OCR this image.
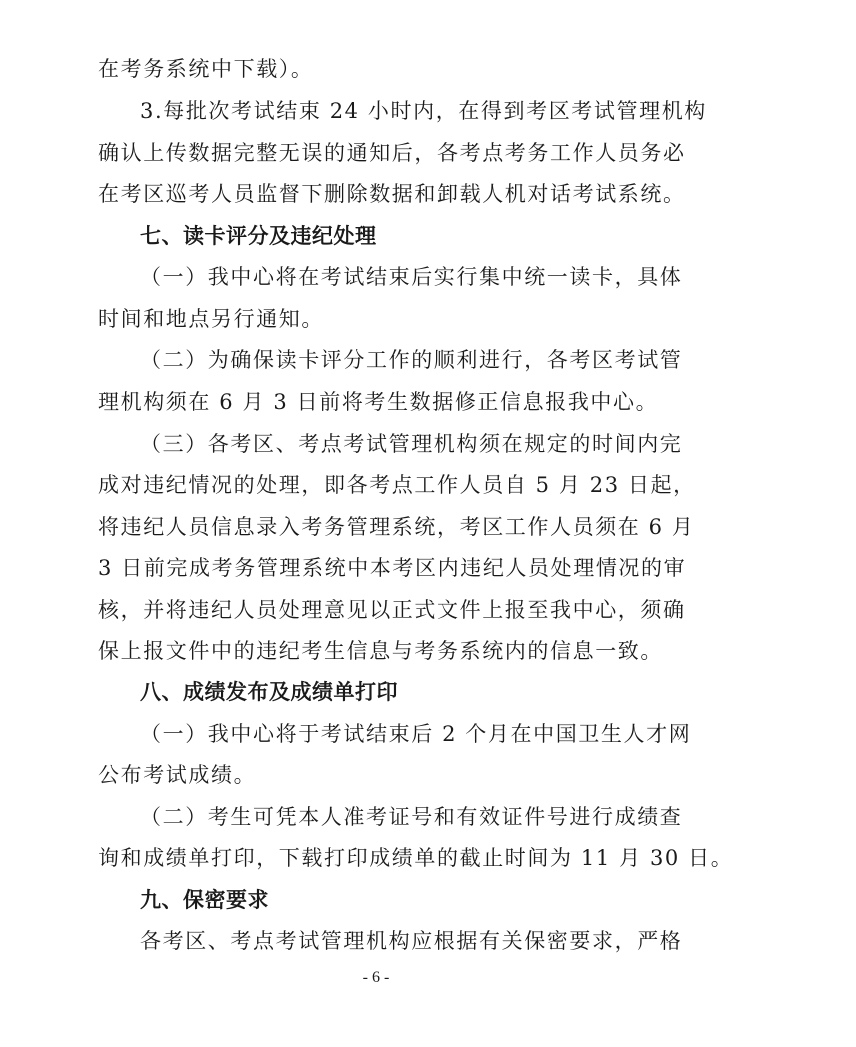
在考务系统中下载）。
3.每批次考试结束 24 小时内，在得到考区考试管理机构
确认上传数据完整无误的通知后，各考点考务工作人员务必
在考区巡考人员监督下删除数据和卸载人机对话考试系统。
七、读卡评分及违纪处理
（一）我中心将在考试结束后实行集中统一读卡，具体
时间和地点另行通知。
（二）为确保读卡评分工作的顺利进行，各考区考试管
理机构须在 6 月 3 日前将考生数据修正信息报我中心。
（三）各考区、考点考试管理机构须在规定的时间内完
成对违纪情况的处理，即各考点工作人员自 5 月 23 日起，
将违纪人员信息录入考务管理系统，考区工作人员须在 6 月
3 日前完成考务管理系统中本考区内违纪人员处理情况的审
核，并将违纪人员处理意见以正式文件上报至我中心，须确
保上报文件中的违纪考生信息与考务系统内的信息一致。
八、成绩发布及成绩单打印
（一）我中心将于考试结束后 2 个月在中国卫生人才网
公布考试成绩。
（二）考生可凭本人准考证号和有效证件号进行成绩查
询和成绩单打印，下载打印成绩单的截止时间为 11 月 30 日。
九、保密要求
各考区、考点考试管理机构应根据有关保密要求，严格
- 6 -
